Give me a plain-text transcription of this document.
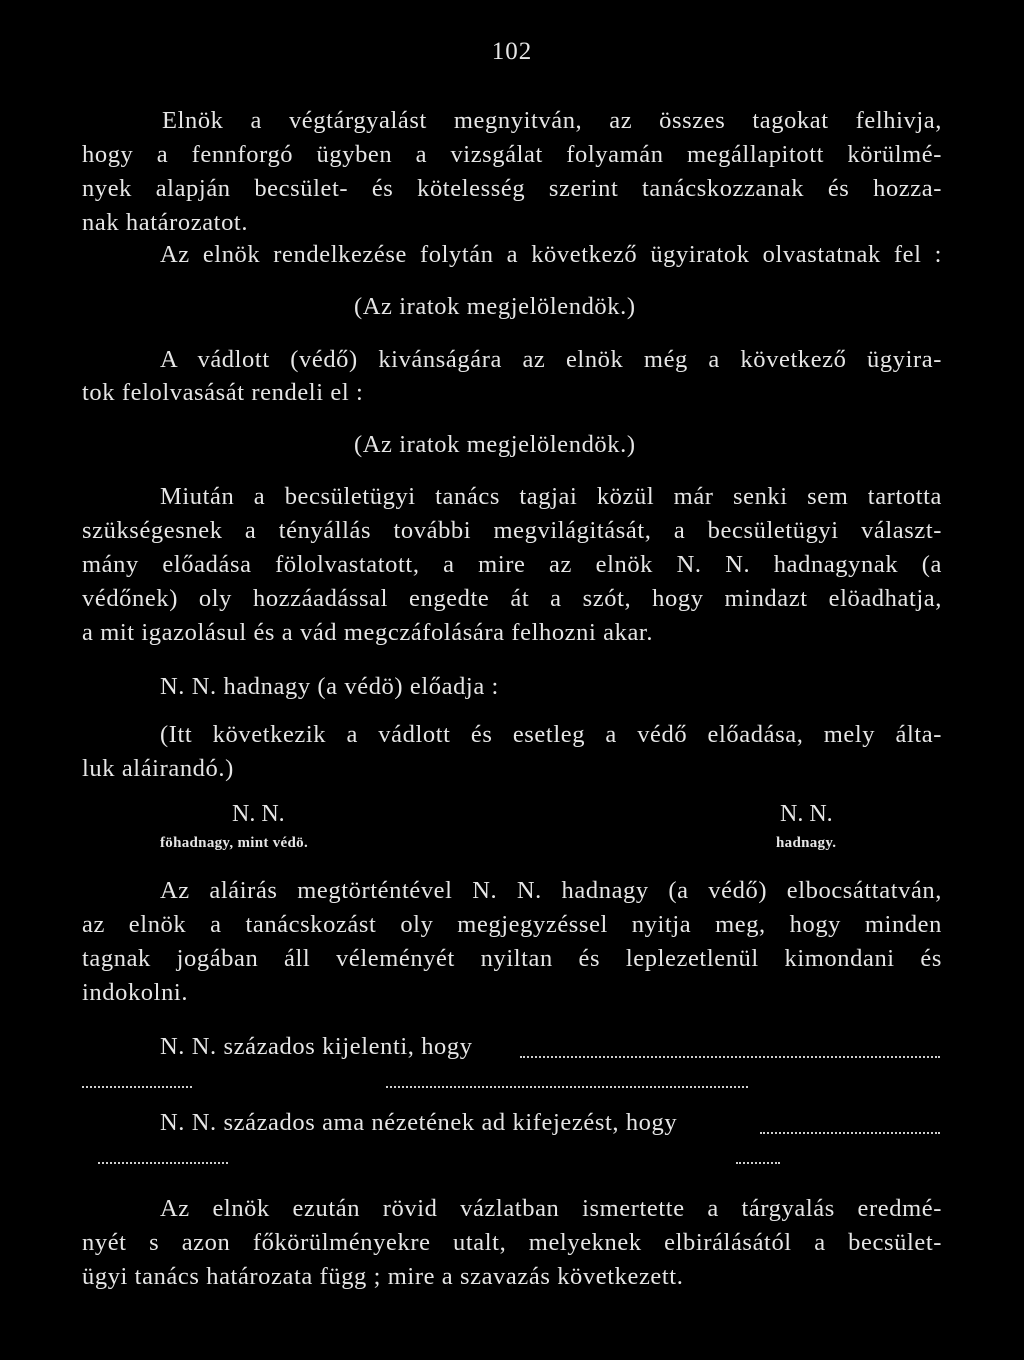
102
Elnök a végtárgyalást megnyitván, az összes tagokat felhivja,
hogy a fennforgó ügyben a vizsgálat folyamán megállapitott körülmé-
nyek alapján becsület- és kötelesség szerint tanácskozzanak és hozza-
nak határozatot.
Az elnök rendelkezése folytán a következő ügyiratok olvastatnak fel :
(Az iratok megjelölendök.)
A vádlott (védő) kivánságára az elnök még a következő ügyira-
tok felolvasását rendeli el :
(Az iratok megjelölendök.)
Miután a becsületügyi tanács tagjai közül már senki sem tartotta
szükségesnek a tényállás további megvilágitását, a becsületügyi választ-
mány előadása fölolvastatott, a mire az elnök N. N. hadnagynak (a
védőnek) oly hozzáadással engedte át a szót, hogy mindazt elöadhatja,
a mit igazolásul és a vád megczáfolására felhozni akar.
N. N. hadnagy (a védö) előadja :
(Itt következik a vádlott és esetleg a védő előadása, mely álta-
luk aláirandó.)
N. N.
föhadnagy, mint védö.
N. N.
hadnagy.
Az aláirás megtörténtével N. N. hadnagy (a védő) elbocsáttatván,
az elnök a tanácskozást oly megjegyzéssel nyitja meg, hogy minden
tagnak jogában áll véleményét nyiltan és leplezetlenül kimondani és
indokolni.
N. N. százados kijelenti, hogy
N. N. százados ama nézetének ad kifejezést, hogy
Az elnök ezután rövid vázlatban ismertette a tárgyalás eredmé-
nyét s azon főkörülményekre utalt, melyeknek elbirálásától a becsület-
ügyi tanács határozata függ ; mire a szavazás következett.
